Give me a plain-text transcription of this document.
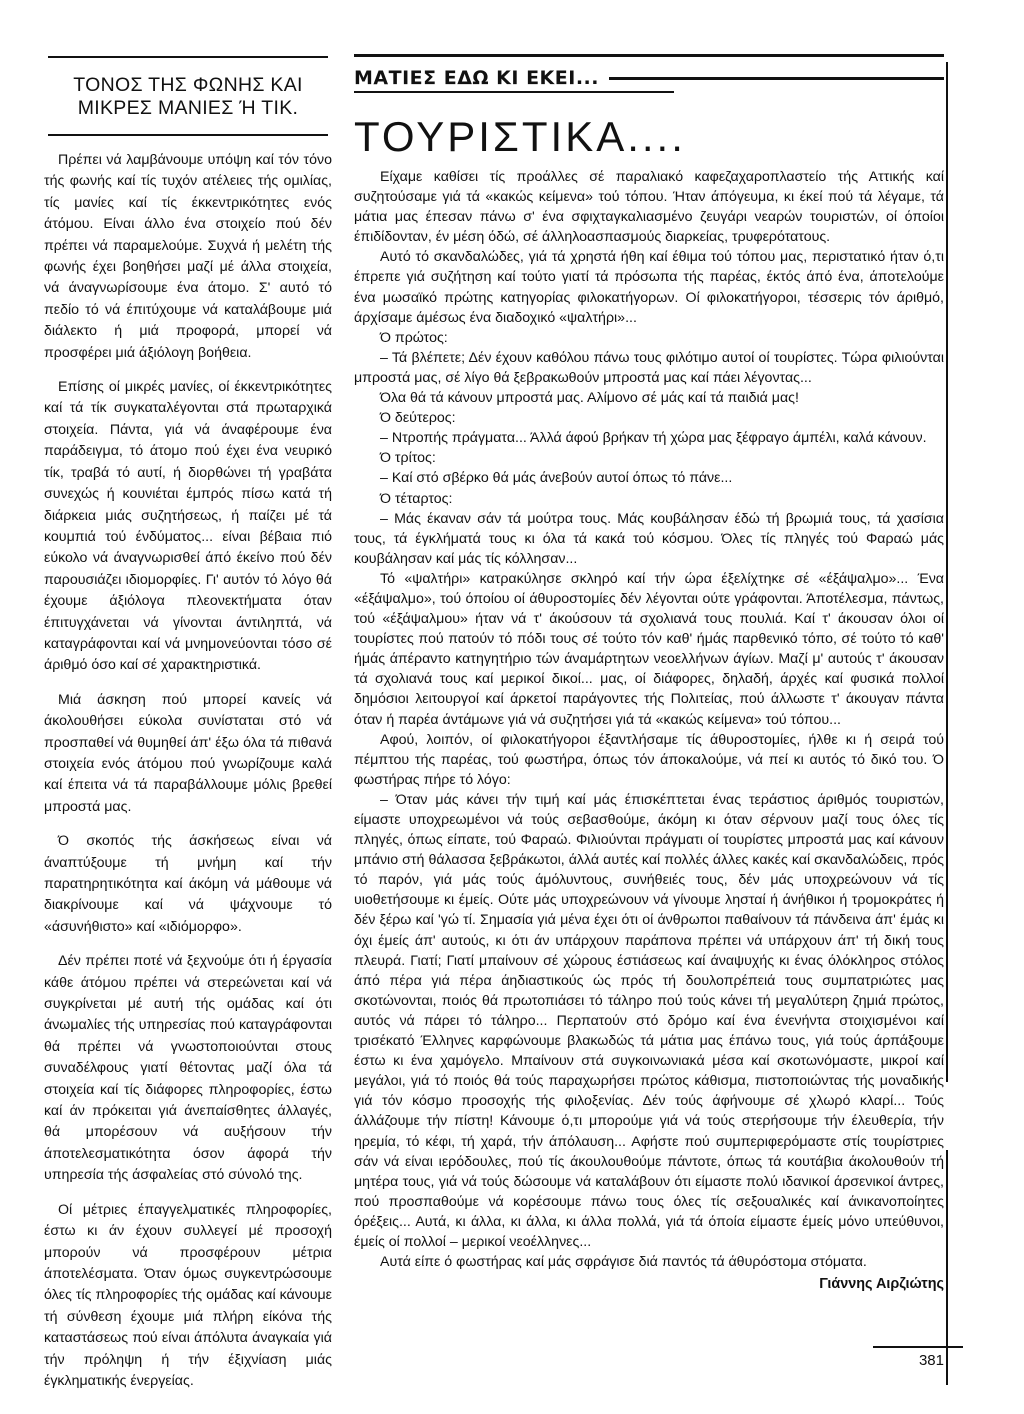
ΤΟΝΟΣ ΤΗΣ ΦΩΝΗΣ ΚΑΙ
ΜΙΚΡΕΣ ΜΑΝΙΕΣ Ή ΤΙΚ.

Πρέπει νά λαμβάνουμε υπόψη καί τόν τόνο τής φωνής καί τίς τυχόν ατέλειες τής ομιλίας, τίς μανίες καί τίς έκκεντρικότητες ενός άτόμου. Είναι άλλο ένα στοιχείο πού δέν πρέπει νά παραμελούμε. Συχνά ή μελέτη τής φωνής έχει βοηθήσει μαζί μέ άλλα στοιχεία, νά άναγνωρίσουμε ένα άτομο. Σ' αυτό τό πεδίο τό νά έπιτύχουμε νά καταλάβουμε μιά διάλεκτο ή μιά προφορά, μπορεί νά προσφέρει μιά άξιόλογη βοήθεια.

Επίσης οί μικρές μανίες, οί έκκεντρικότητες καί τά τίκ συγκαταλέγονται στά πρωταρχικά στοιχεία. Πάντα, γιά νά άναφέρουμε ένα παράδειγμα, τό άτομο πού έχει ένα νευρικό τίκ, τραβά τό αυτί, ή διορθώνει τή γραβάτα συνεχώς ή κουνιέται έμπρός πίσω κατά τή διάρκεια μιάς συζητήσεως, ή παίζει μέ τά κουμπιά τού ένδύματος... είναι βέβαια πιό εύκολο νά άναγνωρισθεί άπό έκείνο πού δέν παρουσιάζει ιδιομορφίες. Γι' αυτόν τό λόγο θά έχουμε άξιόλογα πλεονεκτήματα όταν έπιτυγχάνεται νά γίνονται άντιληπτά, νά καταγράφονται καί νά μνημονεύονται τόσο σέ άριθμό όσο καί σέ χαρακτηριστικά.

Μιά άσκηση πού μπορεί κανείς νά άκολουθήσει εύκολα συνίσταται στό νά προσπαθεί νά θυμηθεί άπ' έξω όλα τά πιθανά στοιχεία ενός άτόμου πού γνωρίζουμε καλά καί έπειτα νά τά παραβάλλουμε μόλις βρεθεί μπροστά μας.

Ό σκοπός τής άσκήσεως είναι νά άναπτύξουμε τή μνήμη καί τήν παρατηρητικότητα καί άκόμη νά μάθουμε νά διακρίνουμε καί νά ψάχνουμε τό «άσυνήθιστο» καί «ιδιόμορφο».

Δέν πρέπει ποτέ νά ξεχνούμε ότι ή έργασία κάθε άτόμου πρέπει νά στερεώνεται καί νά συγκρίνεται μέ αυτή τής ομάδας καί ότι άνωμαλίες τής υπηρεσίας πού καταγράφονται θά πρέπει νά γνωστοποιούνται στους συναδέλφους γιατί θέτοντας μαζί όλα τά στοιχεία καί τίς διάφορες πληροφορίες, έστω καί άν πρόκειται γιά άνεπαίσθητες άλλαγές, θά μπορέσουν νά αυξήσουν τήν άποτελεσματικότητα όσον άφορά τήν υπηρεσία τής άσφαλείας στό σύνολό της.

Οί μέτριες έπαγγελματικές πληροφορίες, έστω κι άν έχουν συλλεγεί μέ προσοχή μπορούν νά προσφέρουν μέτρια άποτελέσματα. Όταν όμως συγκεντρώσουμε όλες τίς πληροφορίες τής ομάδας καί κάνουμε τή σύνθεση έχουμε μιά πλήρη είκόνα τής καταστάσεως πού είναι άπόλυτα άναγκαία γιά τήν πρόληψη ή τήν έξιχνίαση μιάς έγκληματικής ένεργείας.

ΜΑΤΙΕΣ ΕΔΩ ΚΙ ΕΚΕΙ...
ΤΟΥΡΙΣΤΙΚΑ....

Είχαμε καθίσει τίς προάλλες σέ παραλιακό καφεζαχαροπλαστείο τής Αττικής καί συζητούσαμε γιά τά «κακώς κείμενα» τού τόπου. Ήταν άπόγευμα, κι έκεί πού τά λέγαμε, τά μάτια μας έπεσαν πάνω σ' ένα σφιχταγκαλιασμένο ζευγάρι νεαρών τουριστών, οί όποίοι έπιδίδονταν, έν μέση όδώ, σέ άλληλοασπασμούς διαρκείας, τρυφερότατους.

Αυτό τό σκανδαλώδες, γιά τά χρηστά ήθη καί έθιμα τού τόπου μας, περιστατικό ήταν ό,τι έπρεπε γιά συζήτηση καί τούτο γιατί τά πρόσωπα τής παρέας, έκτός άπό ένα, άποτελούμε ένα μωσαϊκό πρώτης κατηγορίας φιλοκατήγορων. Οί φιλοκατήγοροι, τέσσερις τόν άριθμό, άρχίσαμε άμέσως ένα διαδοχικό «ψαλτήρι»...

Ό πρώτος:

– Τά βλέπετε; Δέν έχουν καθόλου πάνω τους φιλότιμο αυτοί οί τουρίστες. Τώρα φιλιούνται μπροστά μας, σέ λίγο θά ξεβρακωθούν μπροστά μας καί πάει λέγοντας...

Όλα θά τά κάνουν μπροστά μας. Αλίμονο σέ μάς καί τά παιδιά μας!

Ό δεύτερος:

– Ντροπής πράγματα... Άλλά άφού βρήκαν τή χώρα μας ξέφραγο άμπέλι, καλά κάνουν.

Ό τρίτος:

– Καί στό σβέρκο θά μάς άνεβούν αυτοί όπως τό πάνε...

Ό τέταρτος:

– Μάς έκαναν σάν τά μούτρα τους. Μάς κουβάλησαν έδώ τή βρωμιά τους, τά χασίσια τους, τά έγκλήματά τους κι όλα τά κακά τού κόσμου. Όλες τίς πληγές τού Φαραώ μάς κουβάλησαν καί μάς τίς κόλλησαν...

Τό «ψαλτήρι» κατρακύλησε σκληρό καί τήν ώρα έξελίχτηκε σέ «έξάψαλμο»... Ένα «έξάψαλμο», τού όποίου οί άθυροστομίες δέν λέγονται ούτε γράφονται. Άποτέλεσμα, πάντως, τού «έξάψαλμου» ήταν νά τ' άκούσουν τά σχολιανά τους πουλιά. Καί τ' άκουσαν όλοι οί τουρίστες πού πατούν τό πόδι τους σέ τούτο τόν καθ' ήμάς παρθενικό τόπο, σέ τούτο τό καθ' ήμάς άπέραντο κατηγητήριο τών άναμάρτητων νεοελλήνων άγίων. Μαζί μ' αυτούς τ' άκουσαν τά σχολιανά τους καί μερικοί δικοί... μας, οί διάφορες, δηλαδή, άρχές καί φυσικά πολλοί δημόσιοι λειτουργοί καί άρκετοί παράγοντες τής Πολιτείας, πού άλλωστε τ' άκουγαν πάντα όταν ή παρέα άντάμωνε γιά νά συζητήσει γιά τά «κακώς κείμενα» τού τόπου...

Αφού, λοιπόν, οί φιλοκατήγοροι έξαντλήσαμε τίς άθυροστομίες, ήλθε κι ή σειρά τού πέμπτου τής παρέας, τού φωστήρα, όπως τόν άποκαλούμε, νά πεί κι αυτός τό δικό του. Ό φωστήρας πήρε τό λόγο:

– Όταν μάς κάνει τήν τιμή καί μάς έπισκέπτεται ένας τεράστιος άριθμός τουριστών, είμαστε υποχρεωμένοι νά τούς σεβασθούμε, άκόμη κι όταν σέρνουν μαζί τους όλες τίς πληγές, όπως είπατε, τού Φαραώ. Φιλιούνται πράγματι οί τουρίστες μπροστά μας καί κάνουν μπάνιο στή θάλασσα ξεβράκωτοι, άλλά αυτές καί πολλές άλλες κακές καί σκανδαλώδεις, πρός τό παρόν, γιά μάς τούς άμόλυντους, συνήθειές τους, δέν μάς υποχρεώνουν νά τίς υιοθετήσουμε κι έμείς. Ούτε μάς υποχρεώνουν νά γίνουμε λησταί ή άνήθικοι ή τρομοκράτες ή δέν ξέρω καί 'γώ τί. Σημασία γιά μένα έχει ότι οί άνθρωποι παθαίνουν τά πάνδεινα άπ' έμάς κι όχι έμείς άπ' αυτούς, κι ότι άν υπάρχουν παράπονα πρέπει νά υπάρχουν άπ' τή δική τους πλευρά. Γιατί; Γιατί μπαίνουν σέ χώρους έστιάσεως καί άναψυχής κι ένας όλόκληρος στόλος άπό πέρα γιά πέρα άηδιαστικούς ώς πρός τή δουλοπρέπειά τους συμπατριώτες μας σκοτώνονται, ποιός θά πρωτοπιάσει τό τάληρο πού τούς κάνει τή μεγαλύτερη ζημιά πρώτος, αυτός νά πάρει τό τάληρο... Περπατούν στό δρόμο καί ένα ένενήντα στοιχισμένοι καί τρισέκατό Έλληνες καρφώνουμε βλακωδώς τά μάτια μας έπάνω τους, γιά τούς άρπάξουμε έστω κι ένα χαμόγελο. Μπαίνουν στά συγκοινωνιακά μέσα καί σκοτωνόμαστε, μικροί καί μεγάλοι, γιά τό ποιός θά τούς παραχωρήσει πρώτος κάθισμα, πιστοποιώντας τής μοναδικής γιά τόν κόσμο προσοχής τής φιλοξενίας. Δέν τούς άφήνουμε σέ χλωρό κλαρί... Τούς άλλάζουμε τήν πίστη! Κάνουμε ό,τι μπορούμε γιά νά τούς στερήσουμε τήν έλευθερία, τήν ηρεμία, τό κέφι, τή χαρά, τήν άπόλαυση... Αφήστε πού συμπεριφερόμαστε στίς τουρίστριες σάν νά είναι ιερόδουλες, πού τίς άκουλουθούμε πάντοτε, όπως τά κουτάβια άκολουθούν τή μητέρα τους, γιά νά τούς δώσουμε νά καταλάβουν ότι είμαστε πολύ ιδανικοί άρσενικοί άντρες, πού προσπαθούμε νά κορέσουμε πάνω τους όλες τίς σεξουαλικές καί άνικανοποίητες όρέξεις... Αυτά, κι άλλα, κι άλλα, κι άλλα πολλά, γιά τά όποία είμαστε έμείς μόνο υπεύθυνοι, έμείς οί πολλοί – μερικοί νεοέλληνες...

Αυτά είπε ό φωστήρας καί μάς σφράγισε διά παντός τά άθυρόστομα στόματα.

Γιάννης Αιρζιώτης
381
